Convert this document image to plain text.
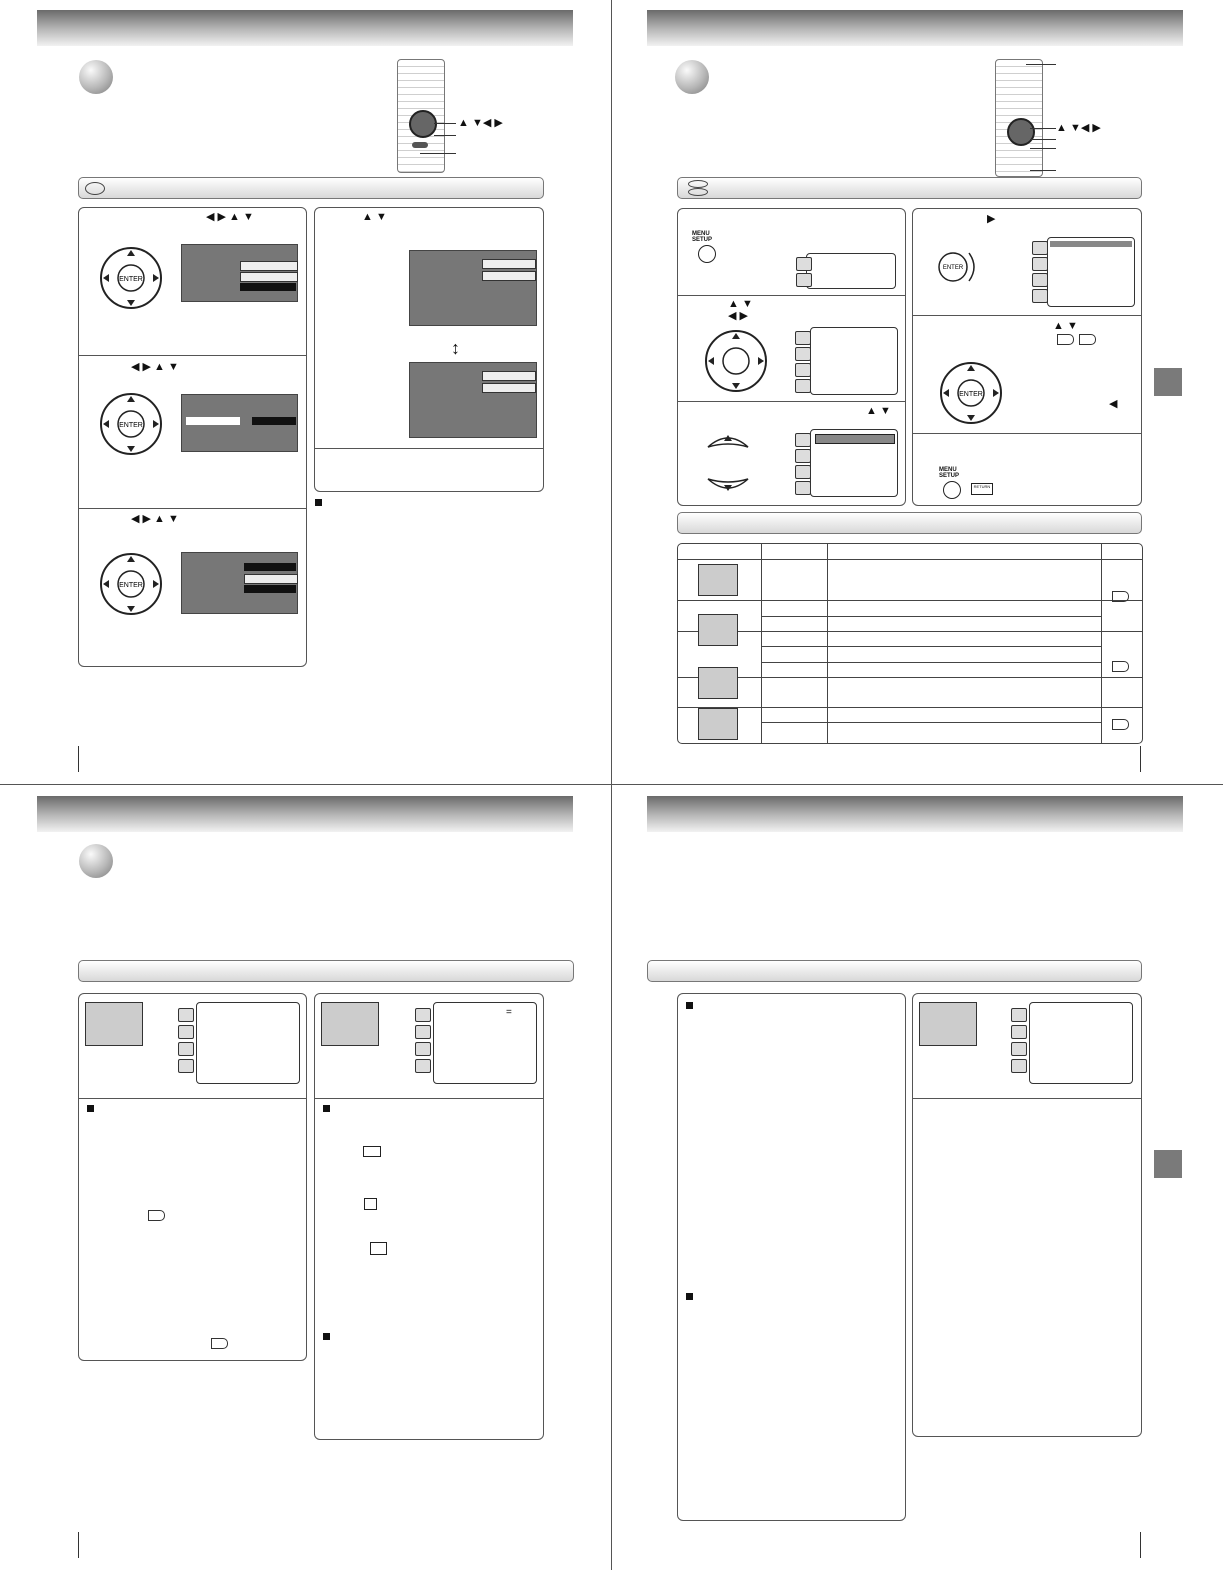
▲ ▼◀ ▶
◀ ▶ ▲ ▼
ENTER
◀ ▶ ▲ ▼
ENTER
◀ ▶ ▲ ▼
ENTER
▲ ▼
↕
▲ ▼◀ ▶
MENU SETUP
▲ ▼
◀ ▶
▲ ▼
▶
ENTER
▲ ▼
ENTER
◀
MENU SETUP
RETURN
=
